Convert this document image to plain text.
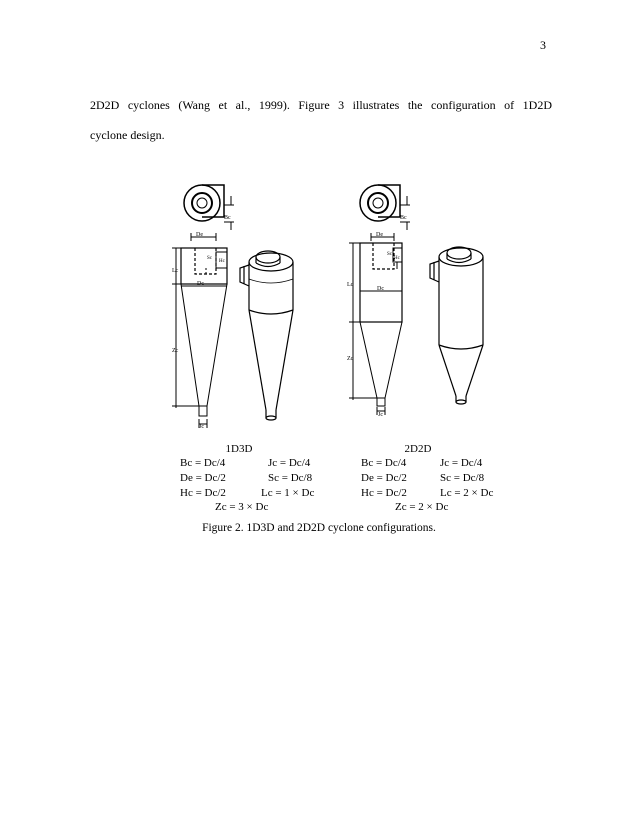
3
2D2D cyclones (Wang et al., 1999). Figure 3 illustrates the configuration of 1D2D
cyclone design.
Bc
De
Sc
Hc
Lc
Dc
Zc
Jc
Bc
De
Sc
Hc
Lc
Dc
Zc
Jc
1D3D
Bc = Dc/4	Jc = Dc/4
De = Dc/2	Sc = Dc/8
Hc = Dc/2	Lc = 1 × Dc
Zc = 3 × Dc
2D2D
Bc = Dc/4	Jc = Dc/4
De = Dc/2	Sc = Dc/8
Hc = Dc/2	Lc = 2 × Dc
Zc = 2 × Dc
Figure 2. 1D3D and 2D2D cyclone configurations.
